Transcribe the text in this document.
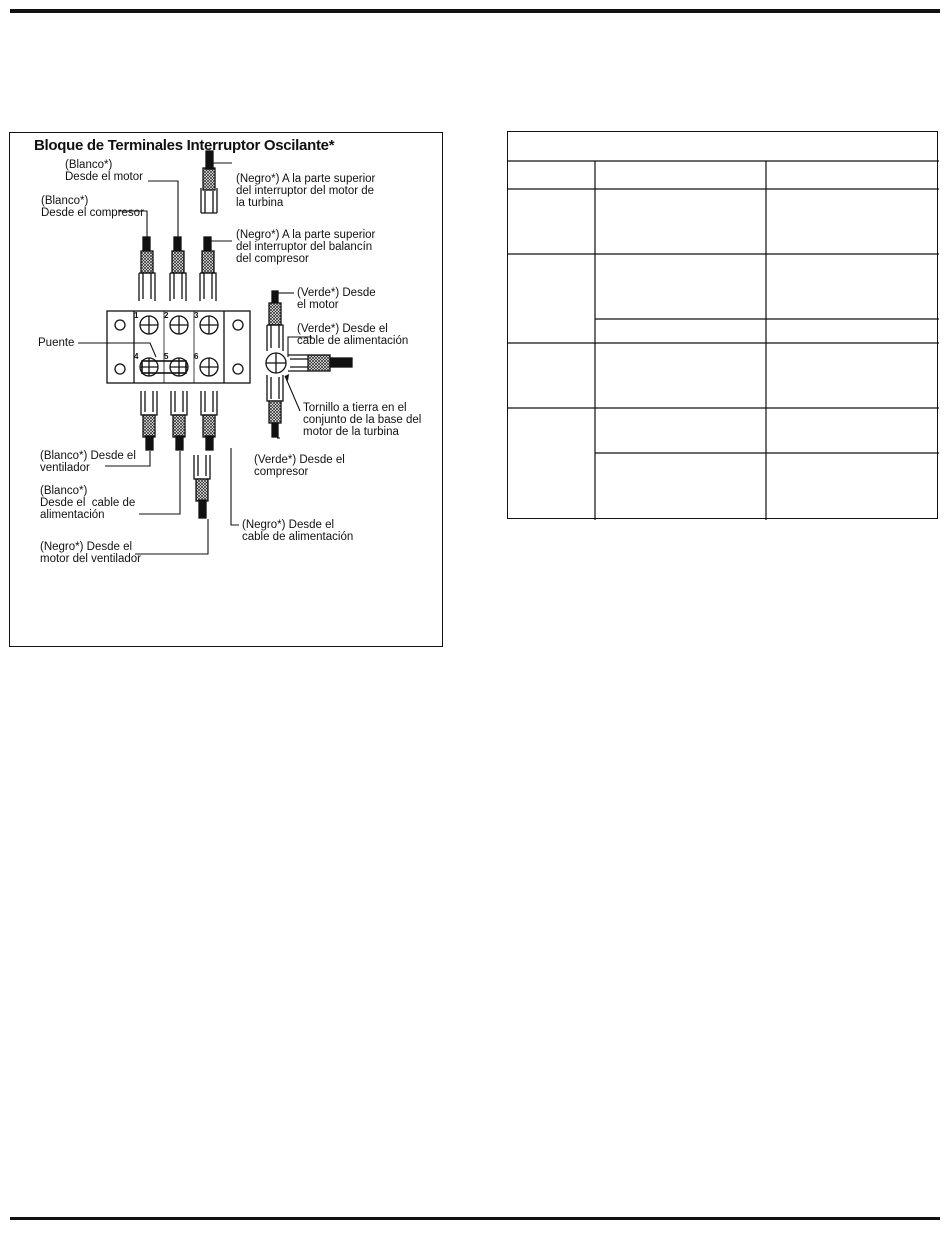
Bloque de Terminales Interruptor Oscilante*
(Blanco*)
Desde el motor
(Blanco*)
Desde el compresor
(Negro*) A la parte superior
del interruptor del motor de
la turbina
(Negro*) A la parte superior
del interruptor del balancín
del compresor
(Verde*) Desde
el motor
(Verde*) Desde el
cable de alimentación
Puente
Tornillo a tierra en el
conjunto de la base del
motor de la turbina
(Verde*) Desde el
compresor
(Blanco*) Desde el
ventilador
(Blanco*)
Desde el  cable de
alimentación
(Negro*) Desde el
cable de alimentación
(Negro*) Desde el
motor del ventilador
1	2	3
4	5	6
